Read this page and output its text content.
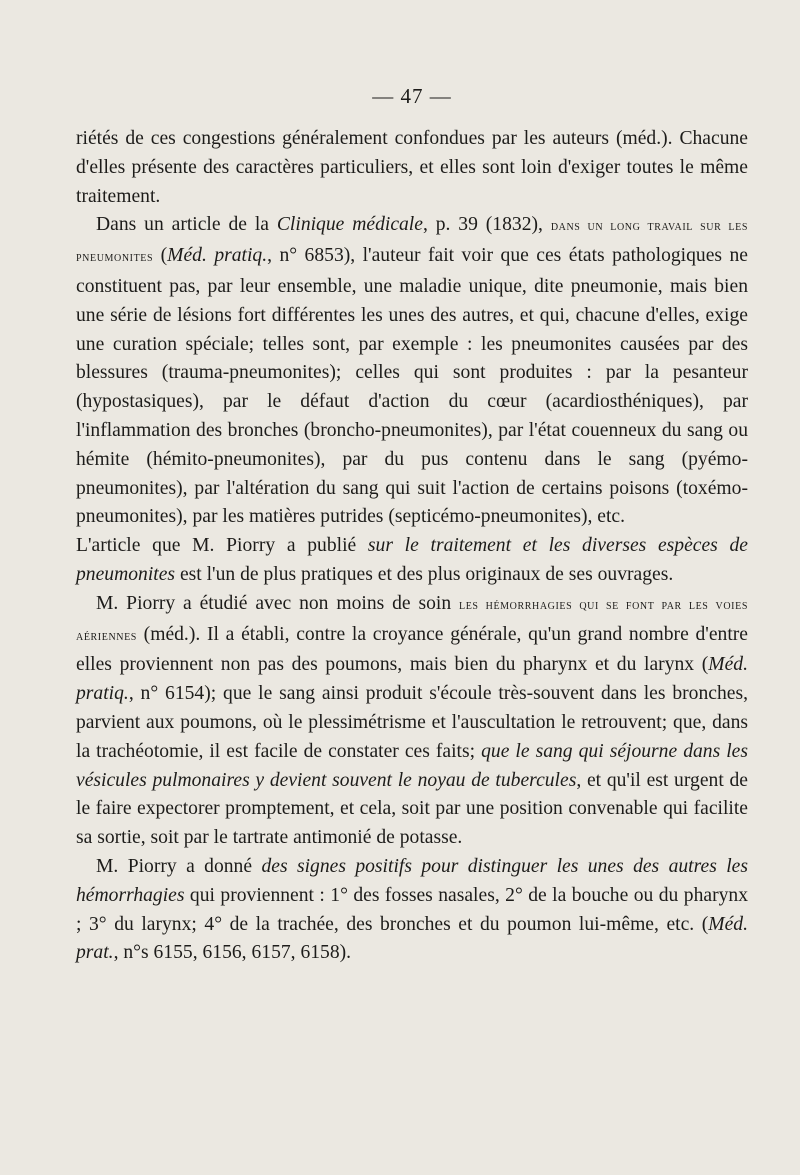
— 47 —

riétés de ces congestions généralement confondues par les auteurs (méd.). Chacune d'elles présente des caractères particuliers, et elles sont loin d'exiger toutes le même traitement.

Dans un article de la Clinique médicale, p. 39 (1832), dans un long travail sur les pneumonites (Méd. pratiq., n° 6853), l'auteur fait voir que ces états pathologiques ne constituent pas, par leur ensemble, une maladie unique, dite pneumonie, mais bien une série de lésions fort différentes les unes des autres, et qui, chacune d'elles, exige une curation spéciale; telles sont, par exemple : les pneumonites causées par des blessures (trauma-pneumonites); celles qui sont produites : par la pesanteur (hypostasiques), par le défaut d'action du cœur (acardiosthéniques), par l'inflammation des bronches (broncho-pneumonites), par l'état couenneux du sang ou hémite (hémito-pneumonites), par du pus contenu dans le sang (pyémo-pneumonites), par l'altération du sang qui suit l'action de certains poisons (toxémo-pneumonites), par les matières putrides (septicémo-pneumonites), etc.

L'article que M. Piorry a publié sur le traitement et les diverses espèces de pneumonites est l'un de plus pratiques et des plus originaux de ses ouvrages.

M. Piorry a étudié avec non moins de soin les hémorrhagies qui se font par les voies aériennes (méd.). Il a établi, contre la croyance générale, qu'un grand nombre d'entre elles proviennent non pas des poumons, mais bien du pharynx et du larynx (Méd. pratiq., n° 6154); que le sang ainsi produit s'écoule très-souvent dans les bronches, parvient aux poumons, où le plessimétrisme et l'auscultation le retrouvent; que, dans la trachéotomie, il est facile de constater ces faits; que le sang qui séjourne dans les vésicules pulmonaires y devient souvent le noyau de tubercules, et qu'il est urgent de le faire expectorer promptement, et cela, soit par une position convenable qui facilite sa sortie, soit par le tartrate antimonié de potasse.

M. Piorry a donné des signes positifs pour distinguer les unes des autres les hémorrhagies qui proviennent : 1° des fosses nasales, 2° de la bouche ou du pharynx ; 3° du larynx; 4° de la trachée, des bronches et du poumon lui-même, etc. (Méd. prat., n°s 6155, 6156, 6157, 6158).
